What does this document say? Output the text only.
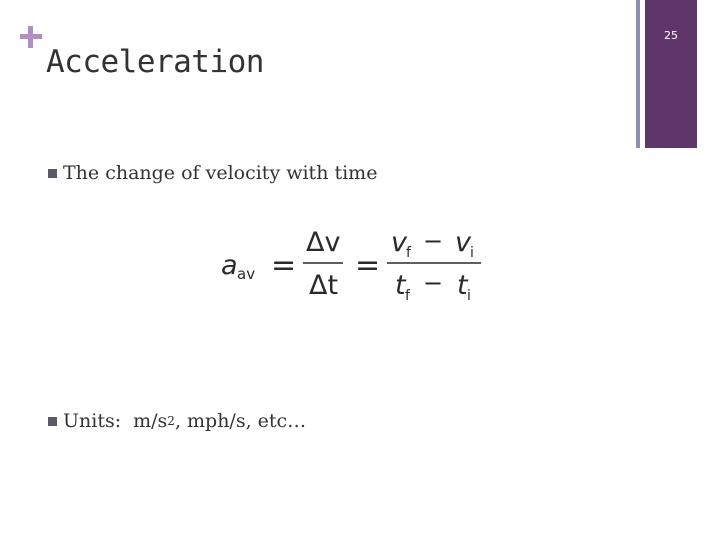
Acceleration
25
The change of velocity with time
a av =
Δv
Δt
=
v f − v i
t f − t i
Units: m/s 2 , mph/s, etc…
